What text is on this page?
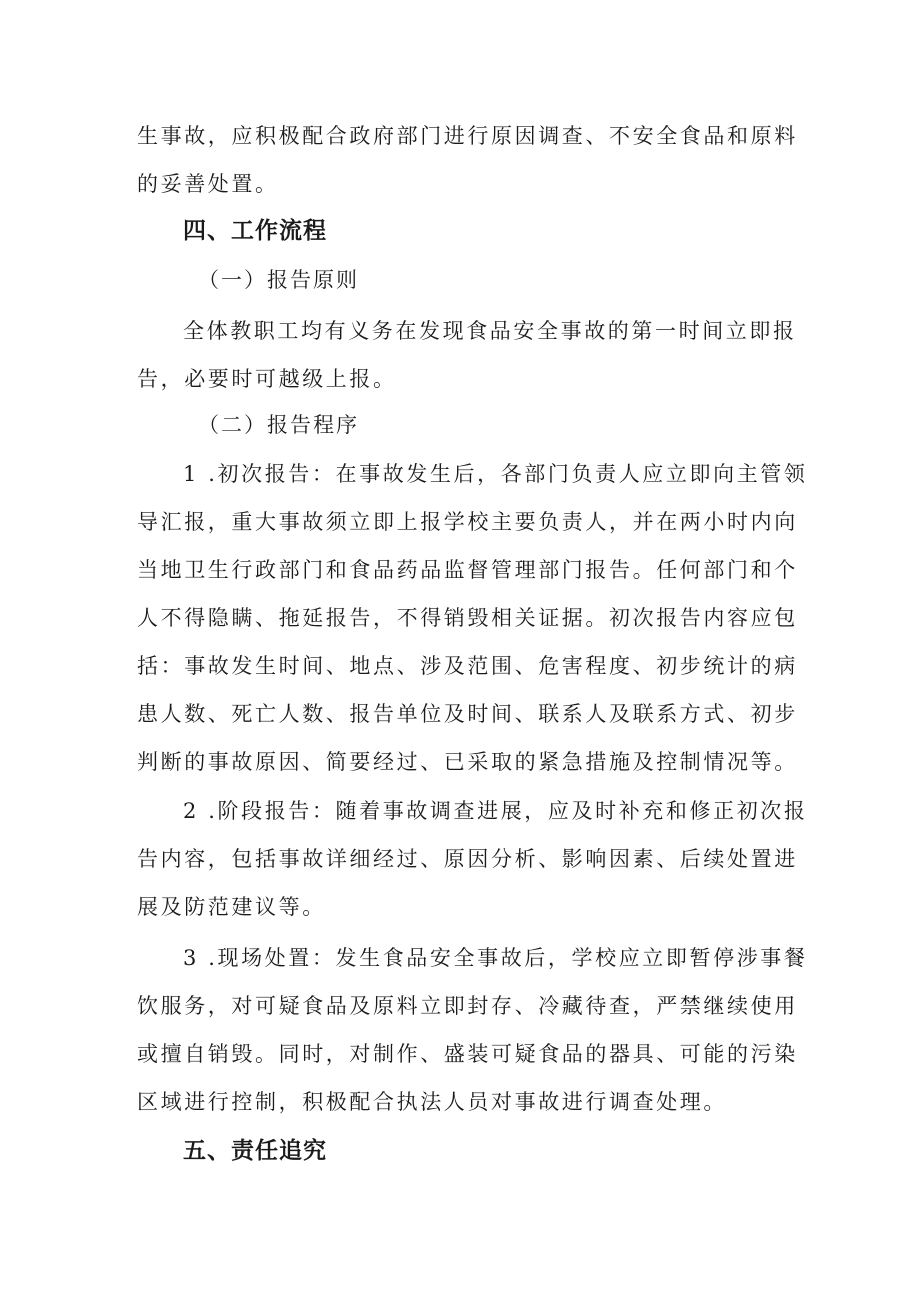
生事故，应积极配合政府部门进行原因调查、不安全食品和原料
的妥善处置。
四、工作流程
（一）报告原则
全体教职工均有义务在发现食品安全事故的第一时间立即报
告，必要时可越级上报。
（二）报告程序
1 .初次报告：在事故发生后，各部门负责人应立即向主管领
导汇报，重大事故须立即上报学校主要负责人，并在两小时内向
当地卫生行政部门和食品药品监督管理部门报告。任何部门和个
人不得隐瞒、拖延报告，不得销毁相关证据。初次报告内容应包
括：事故发生时间、地点、涉及范围、危害程度、初步统计的病
患人数、死亡人数、报告单位及时间、联系人及联系方式、初步
判断的事故原因、简要经过、已采取的紧急措施及控制情况等。
2 .阶段报告：随着事故调查进展，应及时补充和修正初次报
告内容，包括事故详细经过、原因分析、影响因素、后续处置进
展及防范建议等。
3 .现场处置：发生食品安全事故后，学校应立即暂停涉事餐
饮服务，对可疑食品及原料立即封存、冷藏待查，严禁继续使用
或擅自销毁。同时，对制作、盛装可疑食品的器具、可能的污染
区域进行控制，积极配合执法人员对事故进行调查处理。
五、责任追究
